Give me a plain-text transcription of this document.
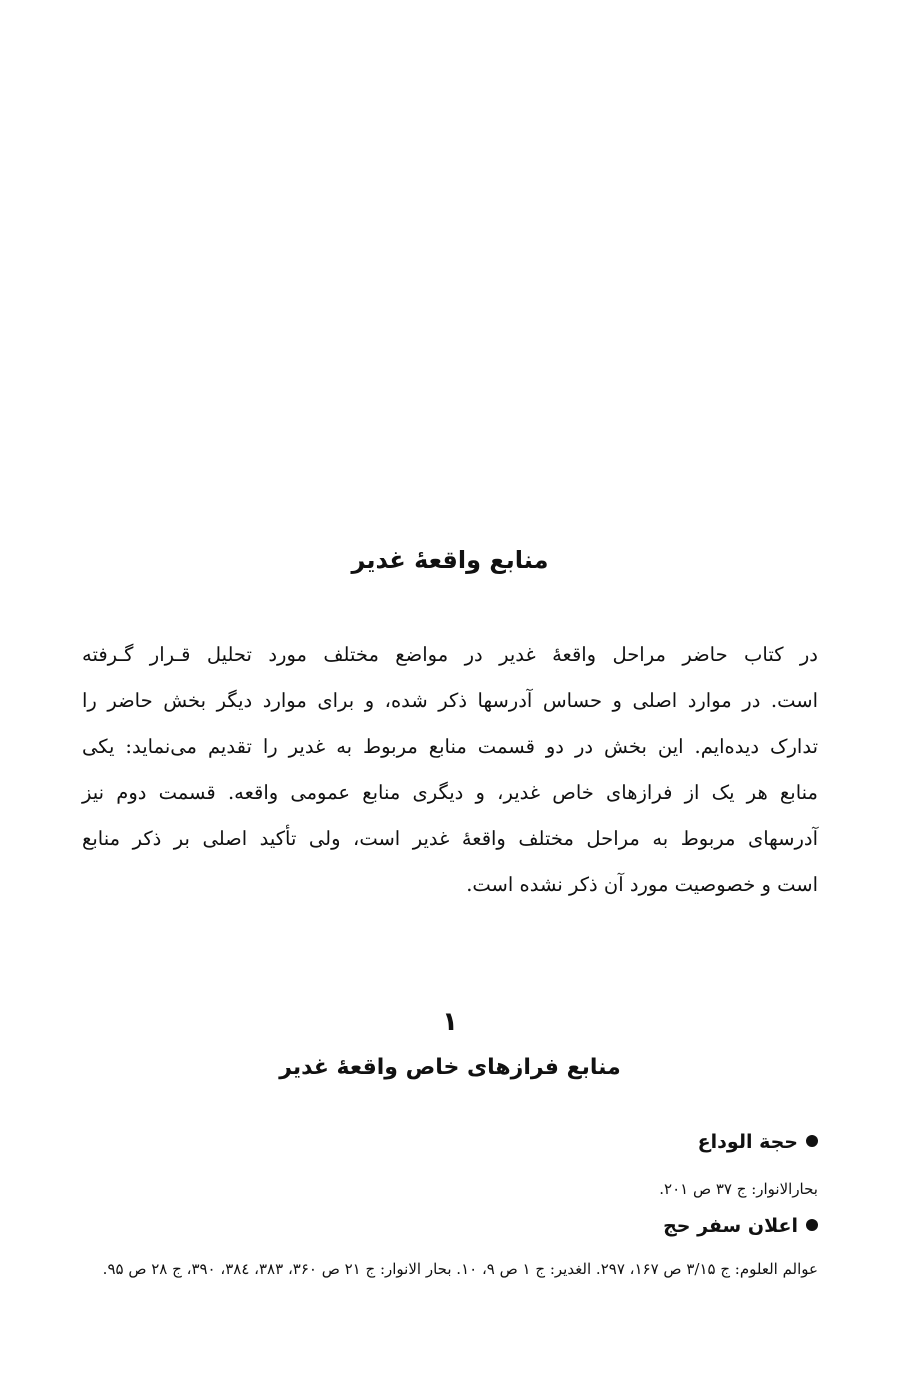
منابع واقعۀ غدیر
در کتاب حاضر مراحل واقعۀ غدیر در مواضع مختلف مورد تحلیل قـرار گـرفته
است. در موارد اصلی و حساس آدرسها ذکر شده، و برای موارد دیگر بخش حاضر را
تدارک دیده‌ایم. این بخش در دو قسمت منابع مربوط به غدیر را تقدیم می‌نماید: یکی
منابع هر یک از فرازهای خاص غدیر، و دیگری منابع عمومی واقعه. قسمت دوم نیز
آدرسهای مربوط به مراحل مختلف واقعۀ غدیر است، ولی تأکید اصلی بر ذکر منابع
است و خصوصیت مورد آن ذکر نشده است.
۱
منابع فرازهای خاص واقعۀ غدیر
حجة الوداع
بحارالانوار: ج ۳۷ ص ۲۰۱.
اعلان سفر حج
عوالم العلوم: ج ۳/۱۵ ص ۱۶۷، ۲۹۷. الغدیر: ج ۱ ص ۹، ۱۰. بحار الانوار: ج ۲۱ ص ۳۶۰، ۳۸۳، ۳۸٤، ۳۹۰، ج ۲۸ ص ۹۵.
